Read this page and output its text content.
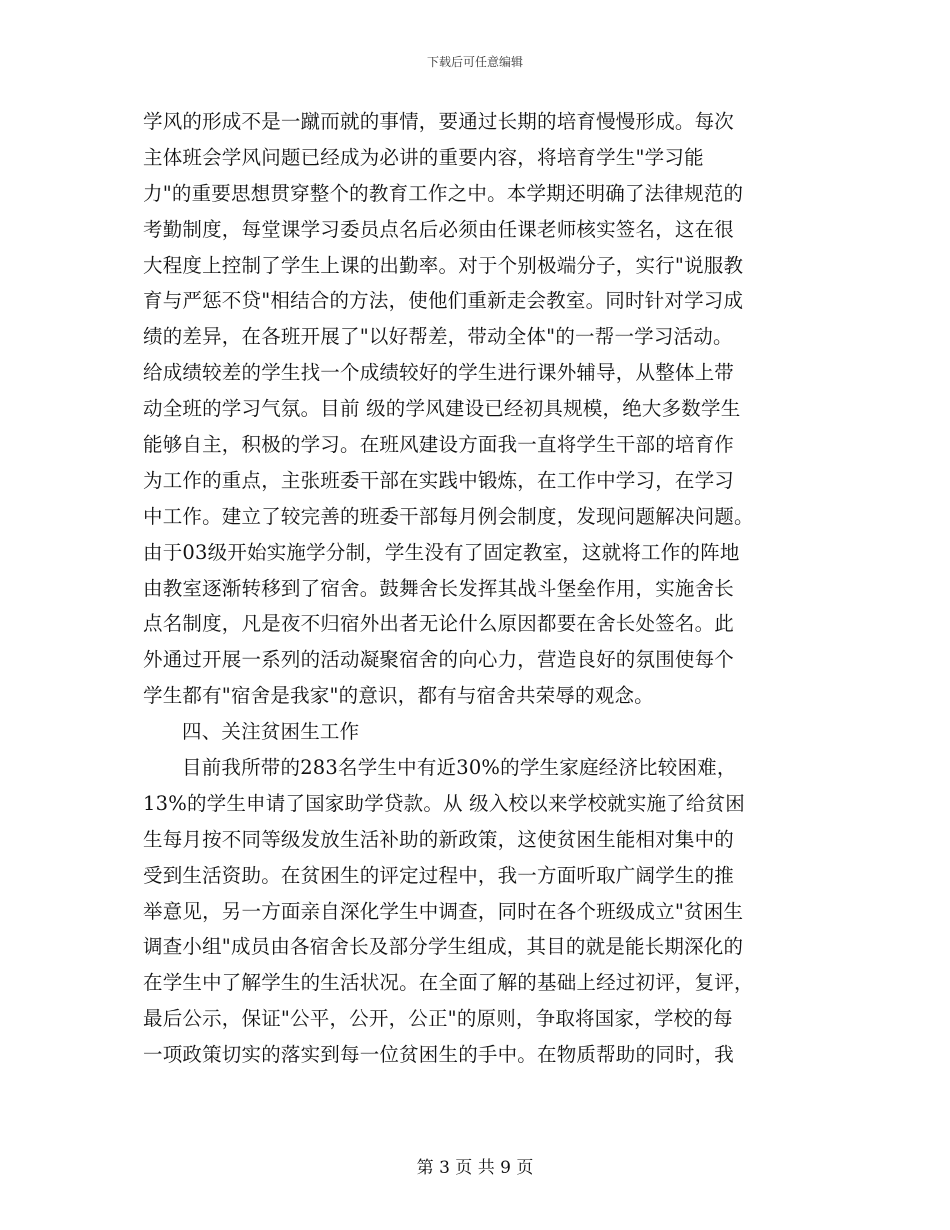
下载后可任意编辑
学风的形成不是一蹴而就的事情，要通过长期的培育慢慢形成。每次
主体班会学风问题已经成为必讲的重要内容，将培育学生"学习能
力"的重要思想贯穿整个的教育工作之中。本学期还明确了法律规范的
考勤制度，每堂课学习委员点名后必须由任课老师核实签名，这在很
大程度上控制了学生上课的出勤率。对于个别极端分子，实行"说服教
育与严惩不贷"相结合的方法，使他们重新走会教室。同时针对学习成
绩的差异，在各班开展了"以好帮差，带动全体"的一帮一学习活动。
给成绩较差的学生找一个成绩较好的学生进行课外辅导，从整体上带
动全班的学习气氛。目前 级的学风建设已经初具规模，绝大多数学生
能够自主，积极的学习。在班风建设方面我一直将学生干部的培育作
为工作的重点，主张班委干部在实践中锻炼，在工作中学习，在学习
中工作。建立了较完善的班委干部每月例会制度，发现问题解决问题。
由于03级开始实施学分制，学生没有了固定教室，这就将工作的阵地
由教室逐渐转移到了宿舍。鼓舞舍长发挥其战斗堡垒作用，实施舍长
点名制度，凡是夜不归宿外出者无论什么原因都要在舍长处签名。此
外通过开展一系列的活动凝聚宿舍的向心力，营造良好的氛围使每个
学生都有"宿舍是我家"的意识，都有与宿舍共荣辱的观念。
四、关注贫困生工作
目前我所带的283名学生中有近30%的学生家庭经济比较困难，
13%的学生申请了国家助学贷款。从 级入校以来学校就实施了给贫困
生每月按不同等级发放生活补助的新政策，这使贫困生能相对集中的
受到生活资助。在贫困生的评定过程中，我一方面听取广阔学生的推
举意见，另一方面亲自深化学生中调查，同时在各个班级成立"贫困生
调查小组"成员由各宿舍长及部分学生组成，其目的就是能长期深化的
在学生中了解学生的生活状况。在全面了解的基础上经过初评，复评，
最后公示，保证"公平，公开，公正"的原则，争取将国家，学校的每
一项政策切实的落实到每一位贫困生的手中。在物质帮助的同时，我
第 3 页 共 9 页
